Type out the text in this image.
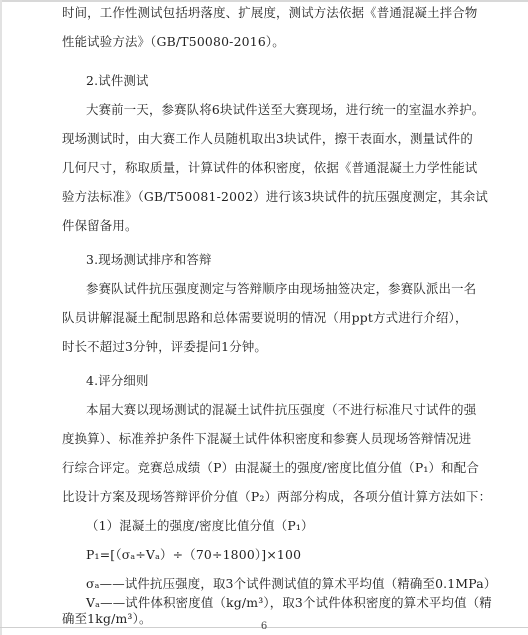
时间，工作性测试包括坍落度、扩展度，测试方法依据《普通混凝土拌合物
性能试验方法》（GB/T50080-2016）。
2.试件测试
大赛前一天，参赛队将6块试件送至大赛现场，进行统一的室温水养护。
现场测试时，由大赛工作人员随机取出3块试件，擦干表面水，测量试件的
几何尺寸，称取质量，计算试件的体积密度，依据《普通混凝土力学性能试
验方法标准》（GB/T50081-2002）进行该3块试件的抗压强度测定，其余试
件保留备用。
3.现场测试排序和答辩
参赛队试件抗压强度测定与答辩顺序由现场抽签决定，参赛队派出一名
队员讲解混凝土配制思路和总体需要说明的情况（用ppt方式进行介绍），
时长不超过3分钟，评委提问1分钟。
4.评分细则
本届大赛以现场测试的混凝土试件抗压强度（不进行标准尺寸试件的强
度换算）、标准养护条件下混凝土试件体积密度和参赛人员现场答辩情况进
行综合评定。竞赛总成绩（P）由混凝土的强度/密度比值分值（P₁）和配合
比设计方案及现场答辩评价分值（P₂）两部分构成，各项分值计算方法如下：
（1）混凝土的强度/密度比值分值（P₁）
P₁=[（σₐ÷Vₐ）÷（70÷1800）]×100
σₐ——试件抗压强度，取3个试件测试值的算术平均值（精确至0.1MPa）
6
Vₐ——试件体积密度值（kg/m³），取3个试件体积密度的算术平均值（精
确至1kg/m³）。
